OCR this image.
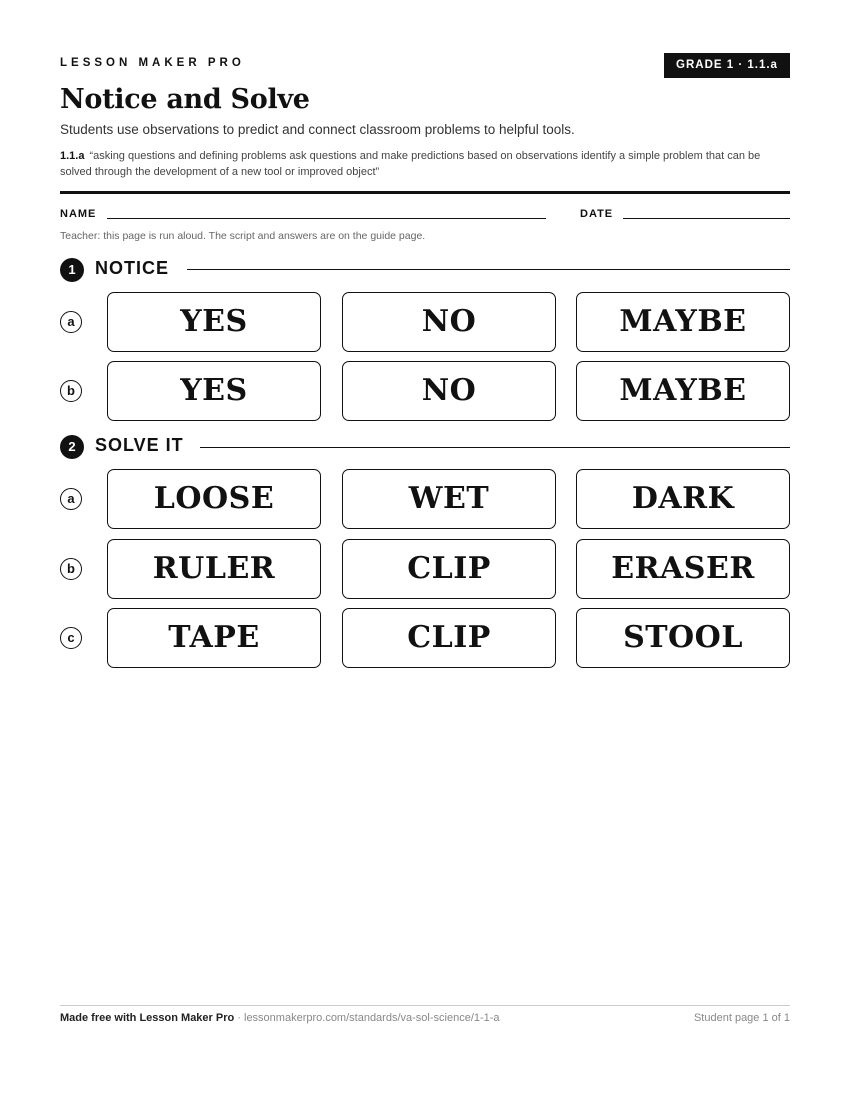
LESSON MAKER PRO	GRADE 1 · 1.1.a
Notice and Solve
Students use observations to predict and connect classroom problems to helpful tools.
1.1.a “asking questions and defining problems ask questions and make predictions based on observations identify a simple problem that can be solved through the development of a new tool or improved object”
NAME	DATE
Teacher: this page is run aloud. The script and answers are on the guide page.
1	NOTICE
a	YES	NO	MAYBE
b	YES	NO	MAYBE
2	SOLVE IT
a	LOOSE	WET	DARK
b	RULER	CLIP	ERASER
c	TAPE	CLIP	STOOL
Made free with Lesson Maker Pro · lessonmakerpro.com/standards/va-sol-science/1-1-a	Student page 1 of 1
